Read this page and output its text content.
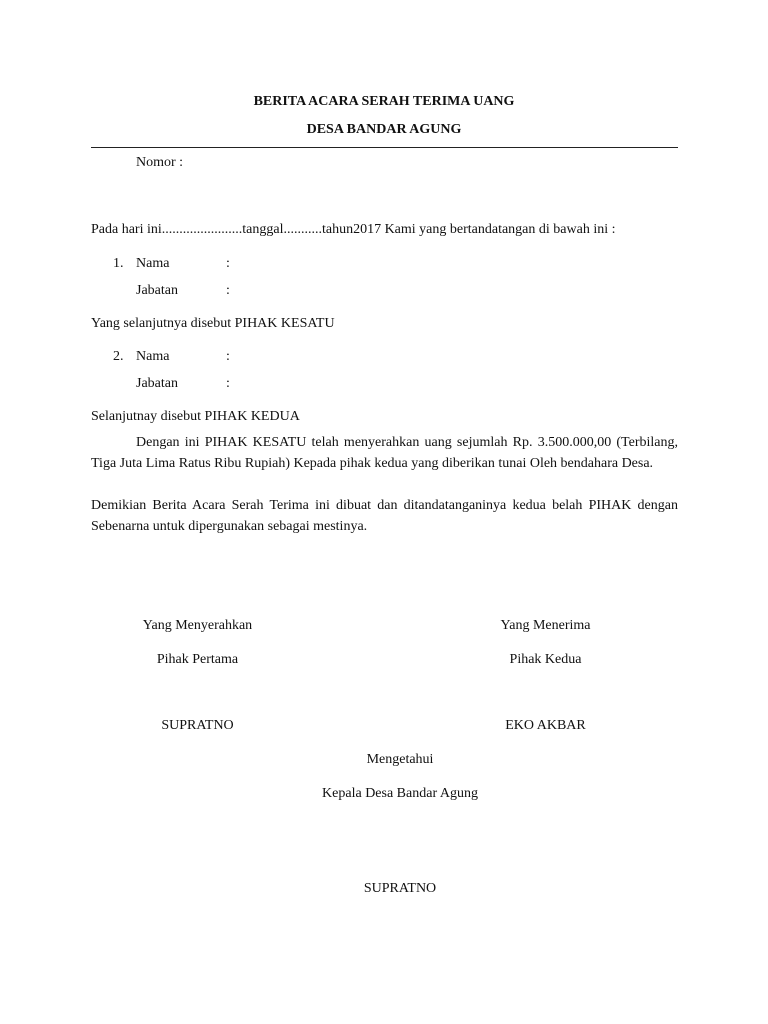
BERITA ACARA SERAH TERIMA UANG
DESA BANDAR AGUNG
Nomor :
Pada hari ini.......................tanggal...........tahun2017 Kami yang bertandatangan di bawah ini :
1. Nama	:
Jabatan	:
Yang selanjutnya disebut PIHAK KESATU
2. Nama	:
Jabatan	:
Selanjutnay disebut PIHAK KEDUA
Dengan ini PIHAK KESATU telah menyerahkan uang sejumlah Rp. 3.500.000,00 (Terbilang, Tiga Juta Lima Ratus Ribu Rupiah) Kepada pihak kedua yang diberikan tunai Oleh bendahara Desa.
Demikian Berita Acara Serah Terima ini dibuat dan ditandatanganinya kedua belah PIHAK dengan Sebenarna untuk dipergunakan sebagai mestinya.
Yang Menyerahkan
Pihak Pertama
SUPRATNO
Yang Menerima
Pihak Kedua
EKO AKBAR
Mengetahui
Kepala Desa Bandar Agung
SUPRATNO
